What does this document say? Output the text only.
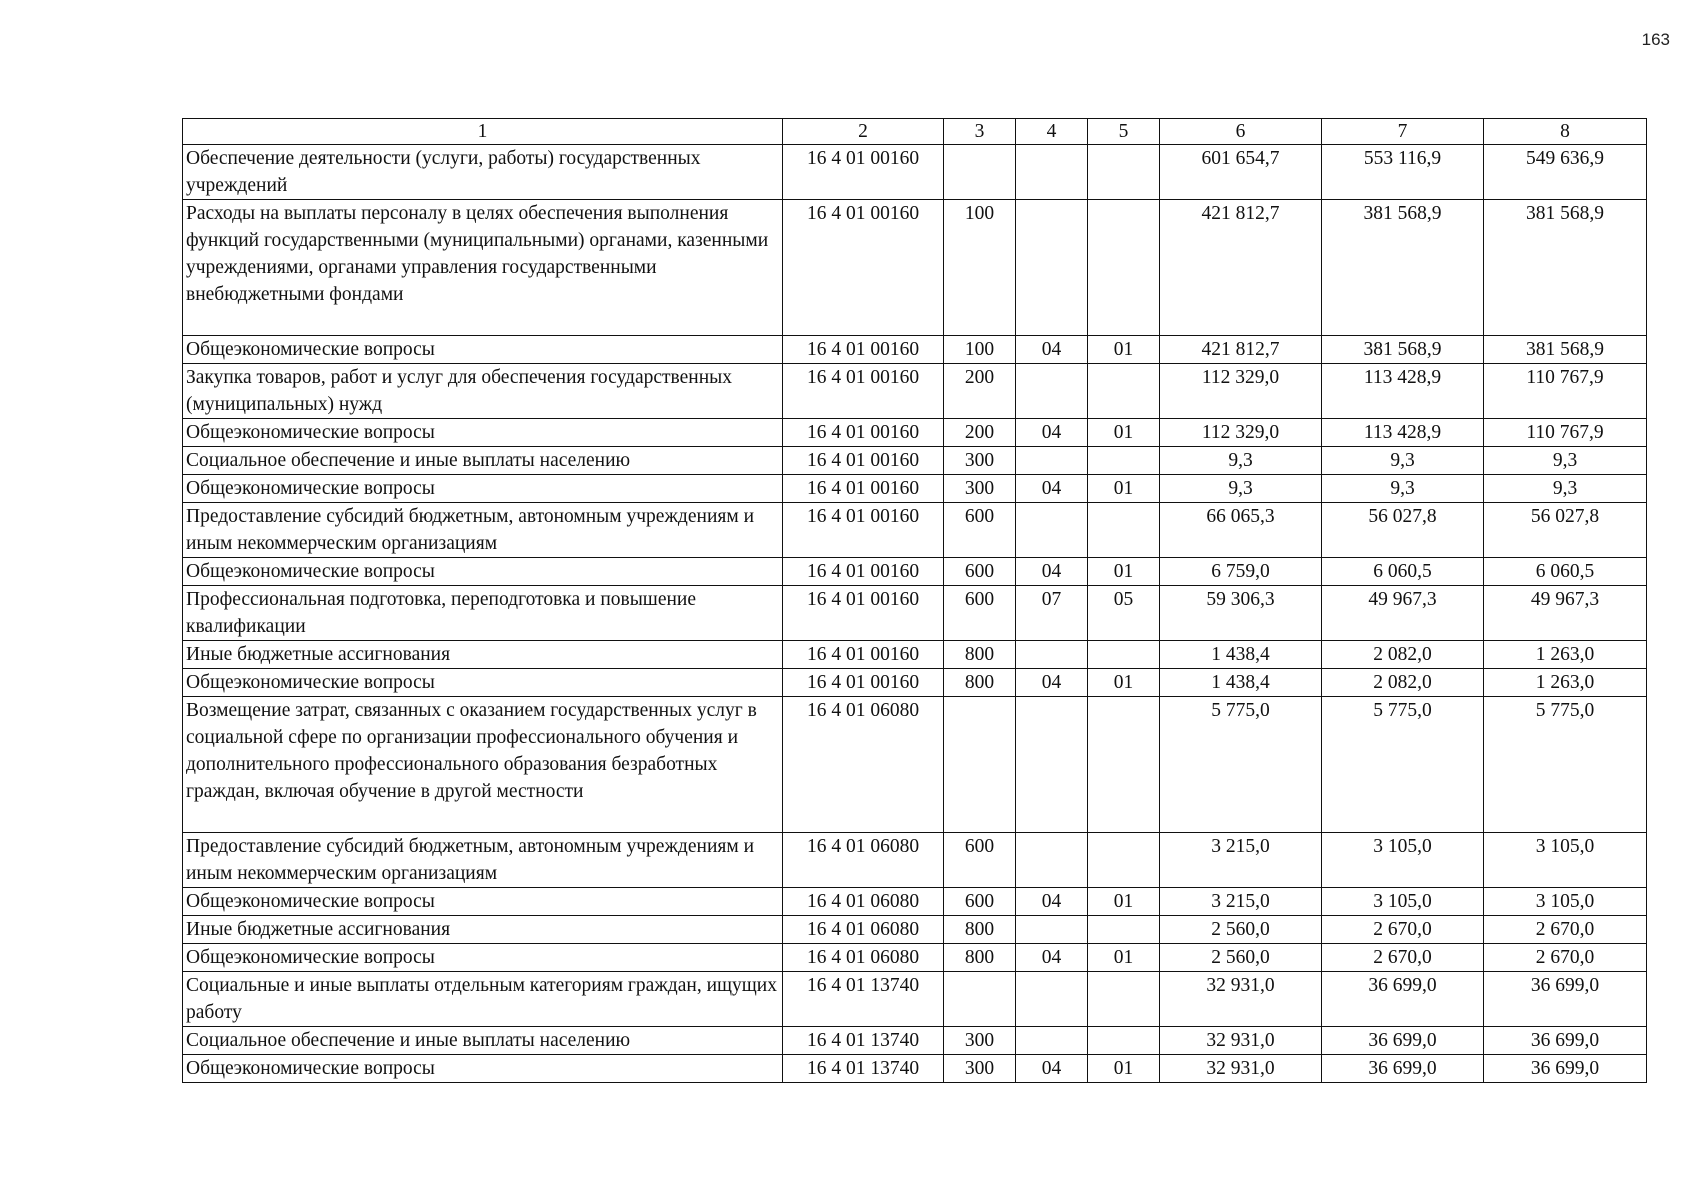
163
1	2	3	4	5	6	7	8
Обеспечение деятельности (услуги, работы) государственных учреждений	16 4 01 00160				601 654,7	553 116,9	549 636,9
Расходы на выплаты персоналу в целях обеспечения выполнения функций государственными (муниципальными) органами, казенными учреждениями, органами управления государственными внебюджетными фондами	16 4 01 00160	100			421 812,7	381 568,9	381 568,9
Общеэкономические вопросы	16 4 01 00160	100	04	01	421 812,7	381 568,9	381 568,9
Закупка товаров, работ и услуг для обеспечения государственных (муниципальных) нужд	16 4 01 00160	200			112 329,0	113 428,9	110 767,9
Общеэкономические вопросы	16 4 01 00160	200	04	01	112 329,0	113 428,9	110 767,9
Социальное обеспечение и иные выплаты населению	16 4 01 00160	300			9,3	9,3	9,3
Общеэкономические вопросы	16 4 01 00160	300	04	01	9,3	9,3	9,3
Предоставление субсидий бюджетным, автономным учреждениям и иным некоммерческим организациям	16 4 01 00160	600			66 065,3	56 027,8	56 027,8
Общеэкономические вопросы	16 4 01 00160	600	04	01	6 759,0	6 060,5	6 060,5
Профессиональная подготовка, переподготовка и повышение квалификации	16 4 01 00160	600	07	05	59 306,3	49 967,3	49 967,3
Иные бюджетные ассигнования	16 4 01 00160	800			1 438,4	2 082,0	1 263,0
Общеэкономические вопросы	16 4 01 00160	800	04	01	1 438,4	2 082,0	1 263,0
Возмещение затрат, связанных с оказанием государственных услуг в социальной сфере по организации профессионального обучения и дополнительного профессионального образования безработных граждан, включая обучение в другой местности	16 4 01 06080				5 775,0	5 775,0	5 775,0
Предоставление субсидий бюджетным, автономным учреждениям и иным некоммерческим организациям	16 4 01 06080	600			3 215,0	3 105,0	3 105,0
Общеэкономические вопросы	16 4 01 06080	600	04	01	3 215,0	3 105,0	3 105,0
Иные бюджетные ассигнования	16 4 01 06080	800			2 560,0	2 670,0	2 670,0
Общеэкономические вопросы	16 4 01 06080	800	04	01	2 560,0	2 670,0	2 670,0
Социальные и иные выплаты отдельным категориям граждан, ищущих работу	16 4 01 13740				32 931,0	36 699,0	36 699,0
Социальное обеспечение и иные выплаты населению	16 4 01 13740	300			32 931,0	36 699,0	36 699,0
Общеэкономические вопросы	16 4 01 13740	300	04	01	32 931,0	36 699,0	36 699,0
